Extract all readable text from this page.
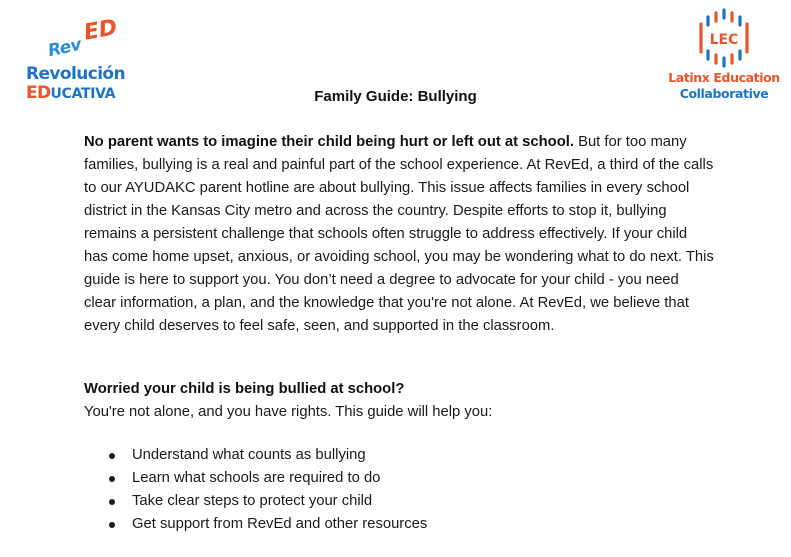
Rev
ED
Revolución
EDUCATIVA
LEC
Latinx Education
Collaborative
Family Guide: Bullying

No parent wants to imagine their child being hurt or left out at school. But for too many families, bullying is a real and painful part of the school experience. At RevEd, a third of the calls to our AYUDAKC parent hotline are about bullying. This issue affects families in every school district in the Kansas City metro and across the country. Despite efforts to stop it, bullying remains a persistent challenge that schools often struggle to address effectively. If your child has come home upset, anxious, or avoiding school, you may be wondering what to do next. This guide is here to support you. You don’t need a degree to advocate for your child - you need clear information, a plan, and the knowledge that you're not alone. At RevEd, we believe that every child deserves to feel safe, seen, and supported in the classroom.

Worried your child is being bullied at school?
You're not alone, and you have rights. This guide will help you:
Understand what counts as bullying
Learn what schools are required to do
Take clear steps to protect your child
Get support from RevEd and other resources
